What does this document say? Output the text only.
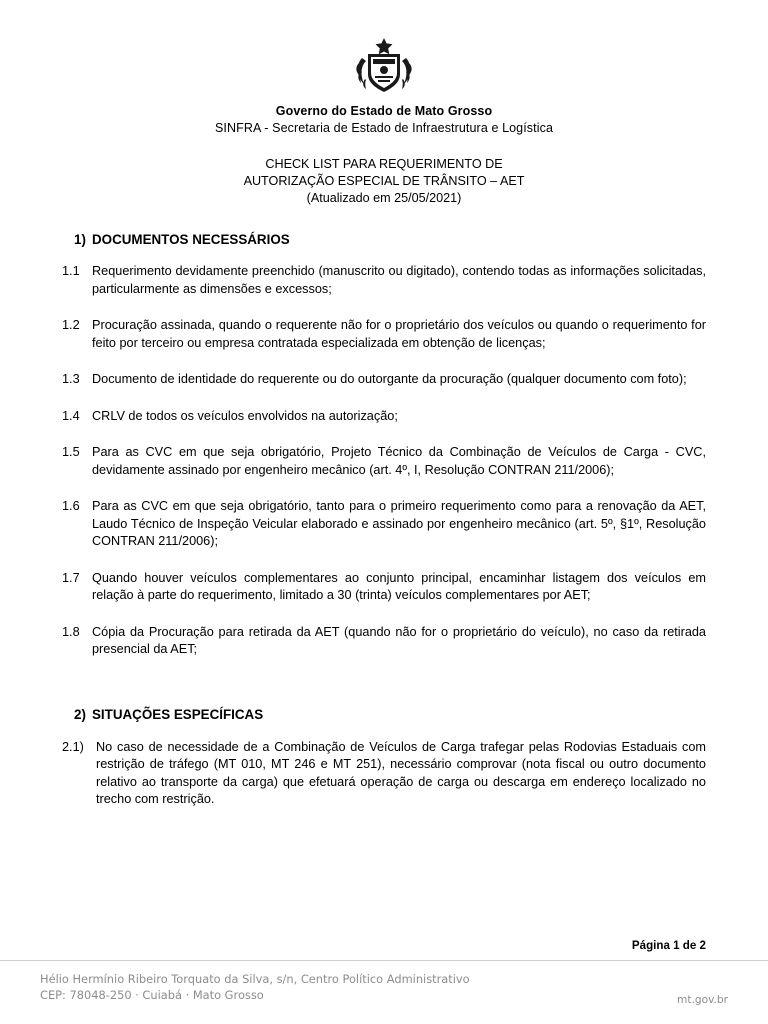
Governo do Estado de Mato Grosso
SINFRA - Secretaria de Estado de Infraestrutura e Logística
CHECK LIST PARA REQUERIMENTO DE
AUTORIZAÇÃO ESPECIAL DE TRÂNSITO – AET
(Atualizado em 25/05/2021)
1) DOCUMENTOS NECESSÁRIOS
1.1 Requerimento devidamente preenchido (manuscrito ou digitado), contendo todas as informações solicitadas, particularmente as dimensões e excessos;
1.2 Procuração assinada, quando o requerente não for o proprietário dos veículos ou quando o requerimento for feito por terceiro ou empresa contratada especializada em obtenção de licenças;
1.3 Documento de identidade do requerente ou do outorgante da procuração (qualquer documento com foto);
1.4 CRLV de todos os veículos envolvidos na autorização;
1.5 Para as CVC em que seja obrigatório, Projeto Técnico da Combinação de Veículos de Carga - CVC, devidamente assinado por engenheiro mecânico (art. 4º, I, Resolução CONTRAN 211/2006);
1.6 Para as CVC em que seja obrigatório, tanto para o primeiro requerimento como para a renovação da AET, Laudo Técnico de Inspeção Veicular elaborado e assinado por engenheiro mecânico (art. 5º, §1º, Resolução CONTRAN 211/2006);
1.7 Quando houver veículos complementares ao conjunto principal, encaminhar listagem dos veículos em relação à parte do requerimento, limitado a 30 (trinta) veículos complementares por AET;
1.8 Cópia da Procuração para retirada da AET (quando não for o proprietário do veículo), no caso da retirada presencial da AET;
2) SITUAÇÕES ESPECÍFICAS
2.1) No caso de necessidade de a Combinação de Veículos de Carga trafegar pelas Rodovias Estaduais com restrição de tráfego (MT 010, MT 246 e MT 251), necessário comprovar (nota fiscal ou outro documento relativo ao transporte da carga) que efetuará operação de carga ou descarga em endereço localizado no trecho com restrição.
Página 1 de 2
Hélio Hermínio Ribeiro Torquato da Silva, s/n, Centro Político Administrativo
CEP: 78048-250 · Cuiabá · Mato Grosso	mt.gov.br
